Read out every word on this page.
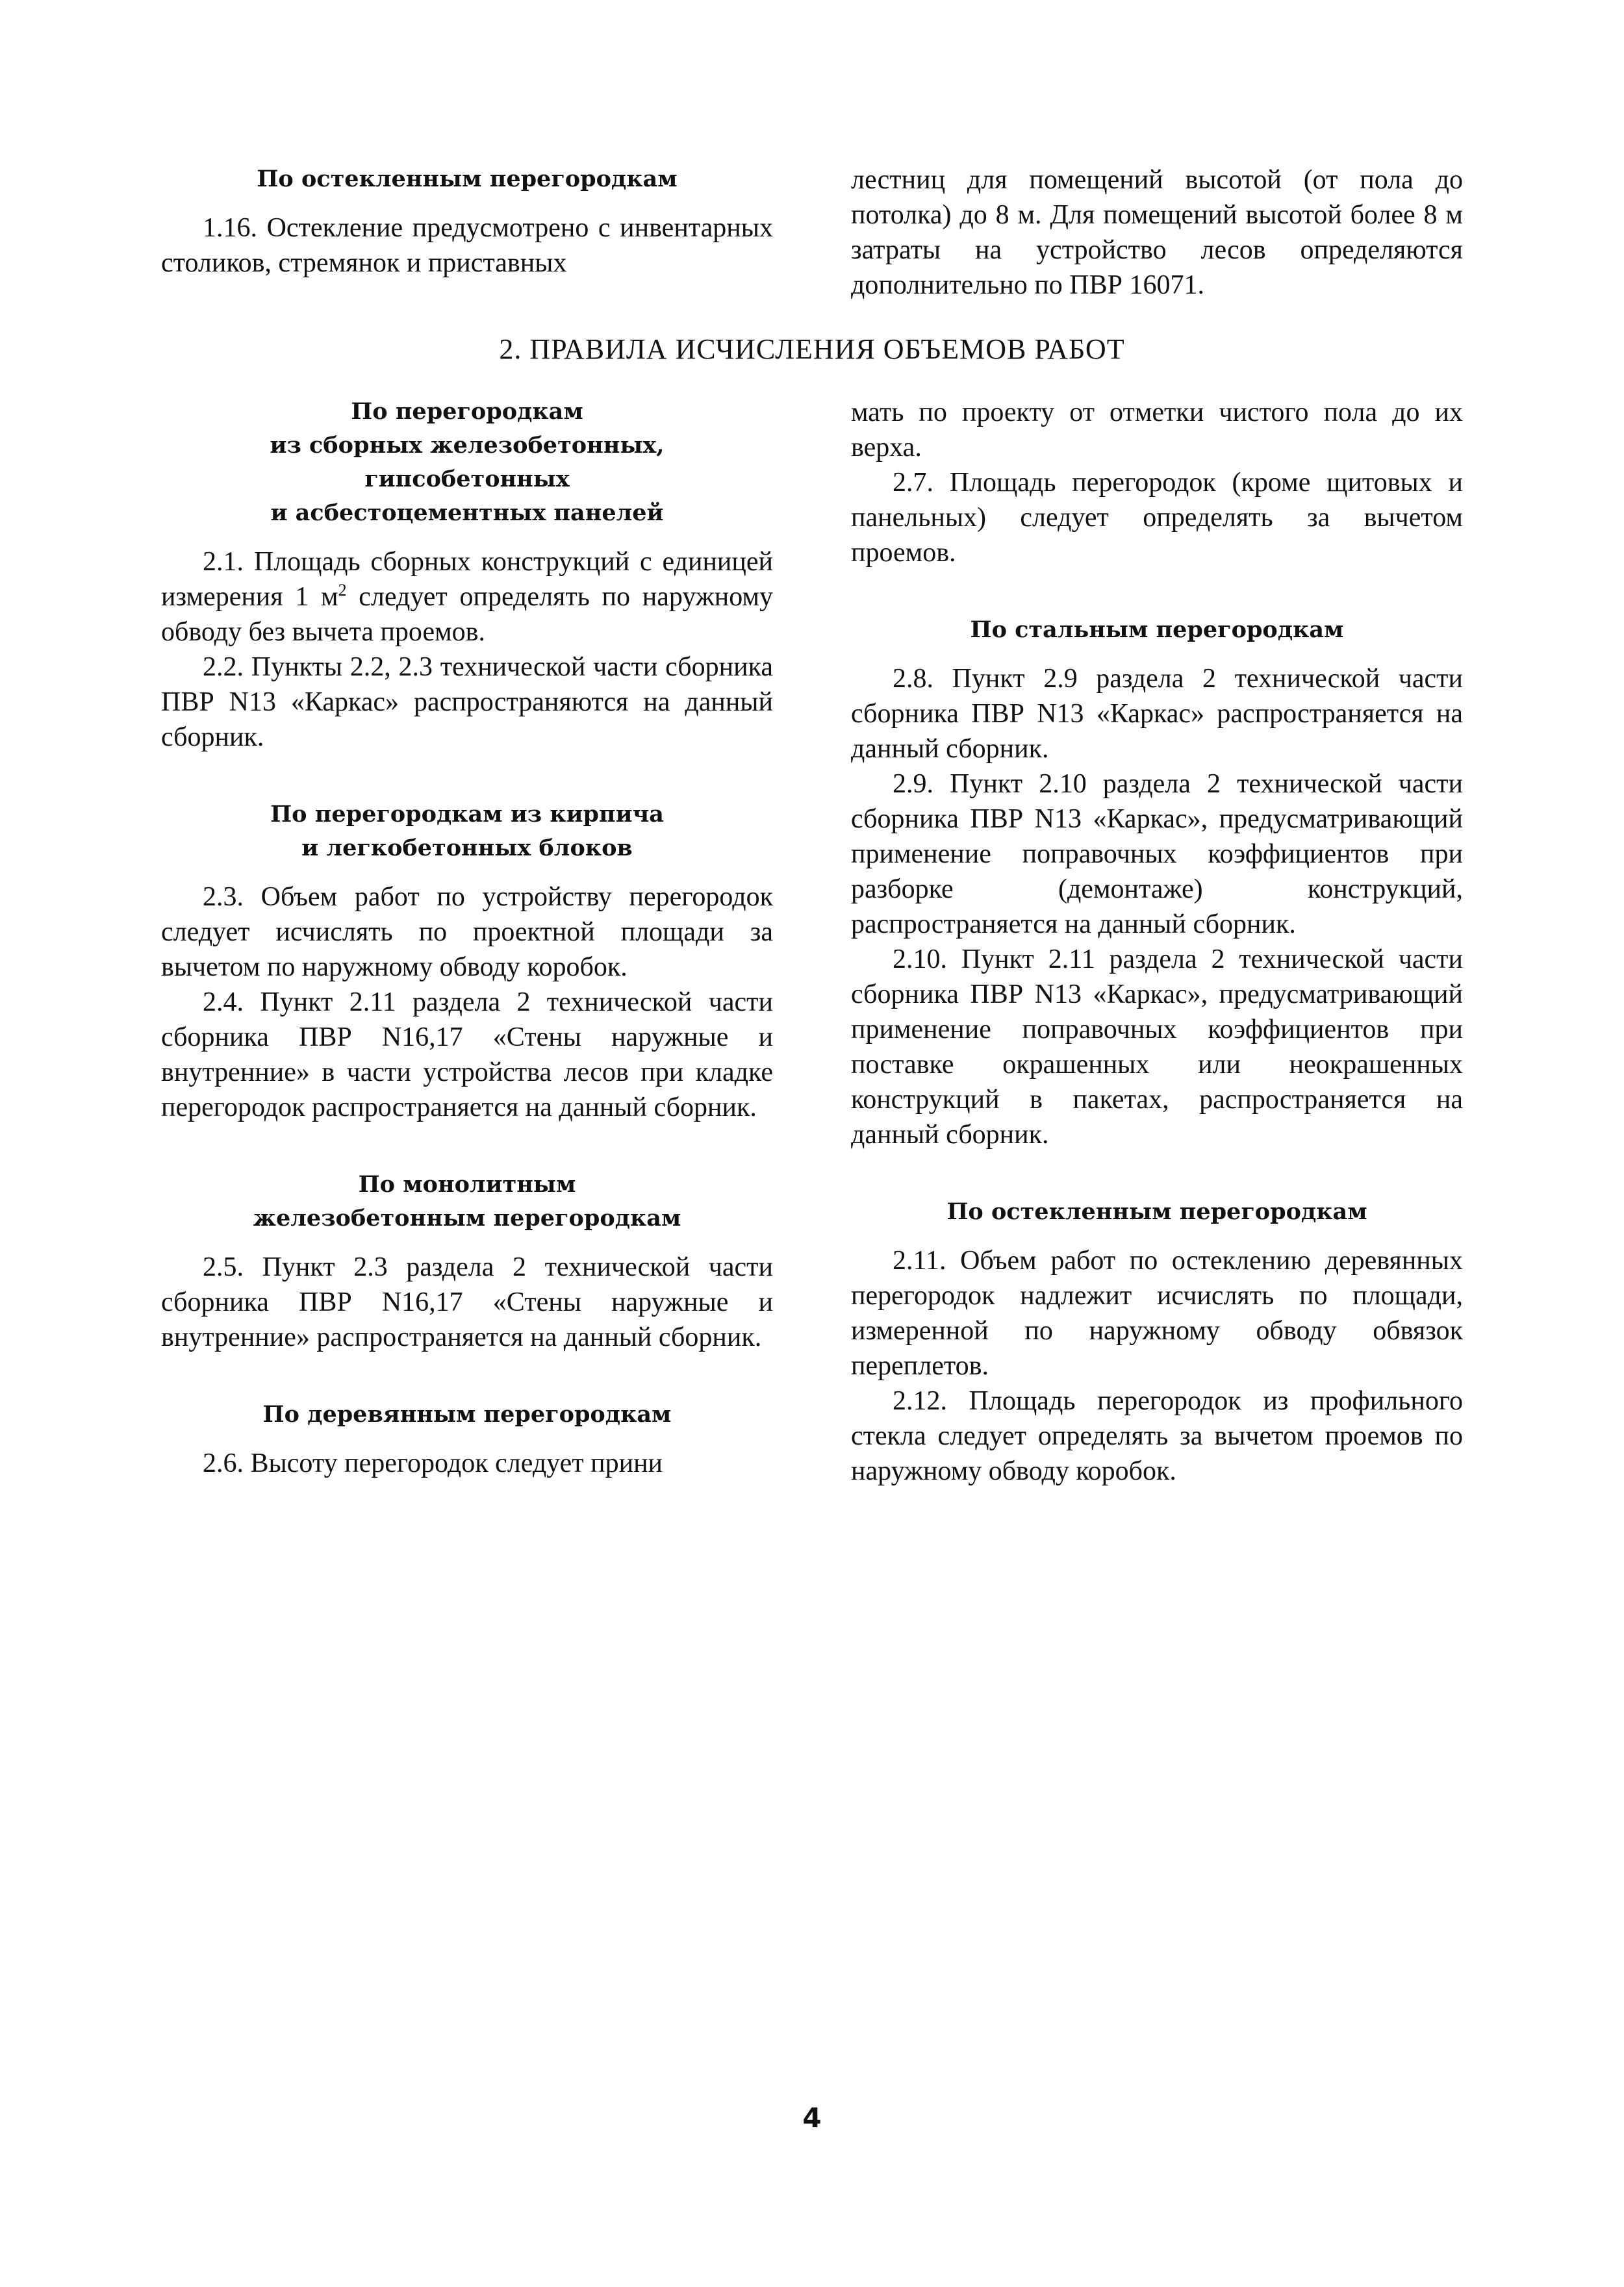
По остекленным перегородкам

1.16. Остекление предусмотрено с инвентарных столиков, стремянок и приставных

лестниц для помещений высотой (от пола до потолка) до 8 м. Для помещений высотой более 8 м затраты на устройство лесов определяются дополнительно по ПВР 16071.

2. ПРАВИЛА ИСЧИСЛЕНИЯ ОБЪЕМОВ РАБОТ

По перегородкам
из сборных железобетонных,
гипсобетонных
и асбестоцементных панелей

2.1. Площадь сборных конструкций с единицей измерения 1 $м^2$ следует определять по наружному обводу без вычета проемов.

2.2. Пункты 2.2, 2.3 технической части сборника ПВР N13 «Каркас» распространяются на данный сборник.

По перегородкам из кирпича
и легкобетонных блоков

2.3. Объем работ по устройству перегородок следует исчислять по проектной площади за вычетом по наружному обводу коробок.

2.4. Пункт 2.11 раздела 2 технической части сборника ПВР N16,17 «Стены наружные и внутренние» в части устройства лесов при кладке перегородок распространяется на данный сборник.

По монолитным
железобетонным перегородкам

2.5. Пункт 2.3 раздела 2 технической части сборника ПВР N16,17 «Стены наружные и внутренние» распространяется на данный сборник.

По деревянным перегородкам

2.6. Высоту перегородок следует прини

мать по проекту от отметки чистого пола до их верха.

2.7. Площадь перегородок (кроме щитовых и панельных) следует определять за вычетом проемов.

По стальным перегородкам

2.8. Пункт 2.9 раздела 2 технической части сборника ПВР N13 «Каркас» распространяется на данный сборник.

2.9. Пункт 2.10 раздела 2 технической части сборника ПВР N13 «Каркас», предусматривающий применение поправочных коэффициентов при разборке (демонтаже) конструкций, распространяется на данный сборник.

2.10. Пункт 2.11 раздела 2 технической части сборника ПВР N13 «Каркас», предусматривающий применение поправочных коэффициентов при поставке окрашенных или неокрашенных конструкций в пакетах, распространяется на данный сборник.

По остекленным перегородкам

2.11. Объем работ по остеклению деревянных перегородок надлежит исчислять по площади, измеренной по наружному обводу обвязок переплетов.

2.12. Площадь перегородок из профильного стекла следует определять за вычетом проемов по наружному обводу коробок.

4
